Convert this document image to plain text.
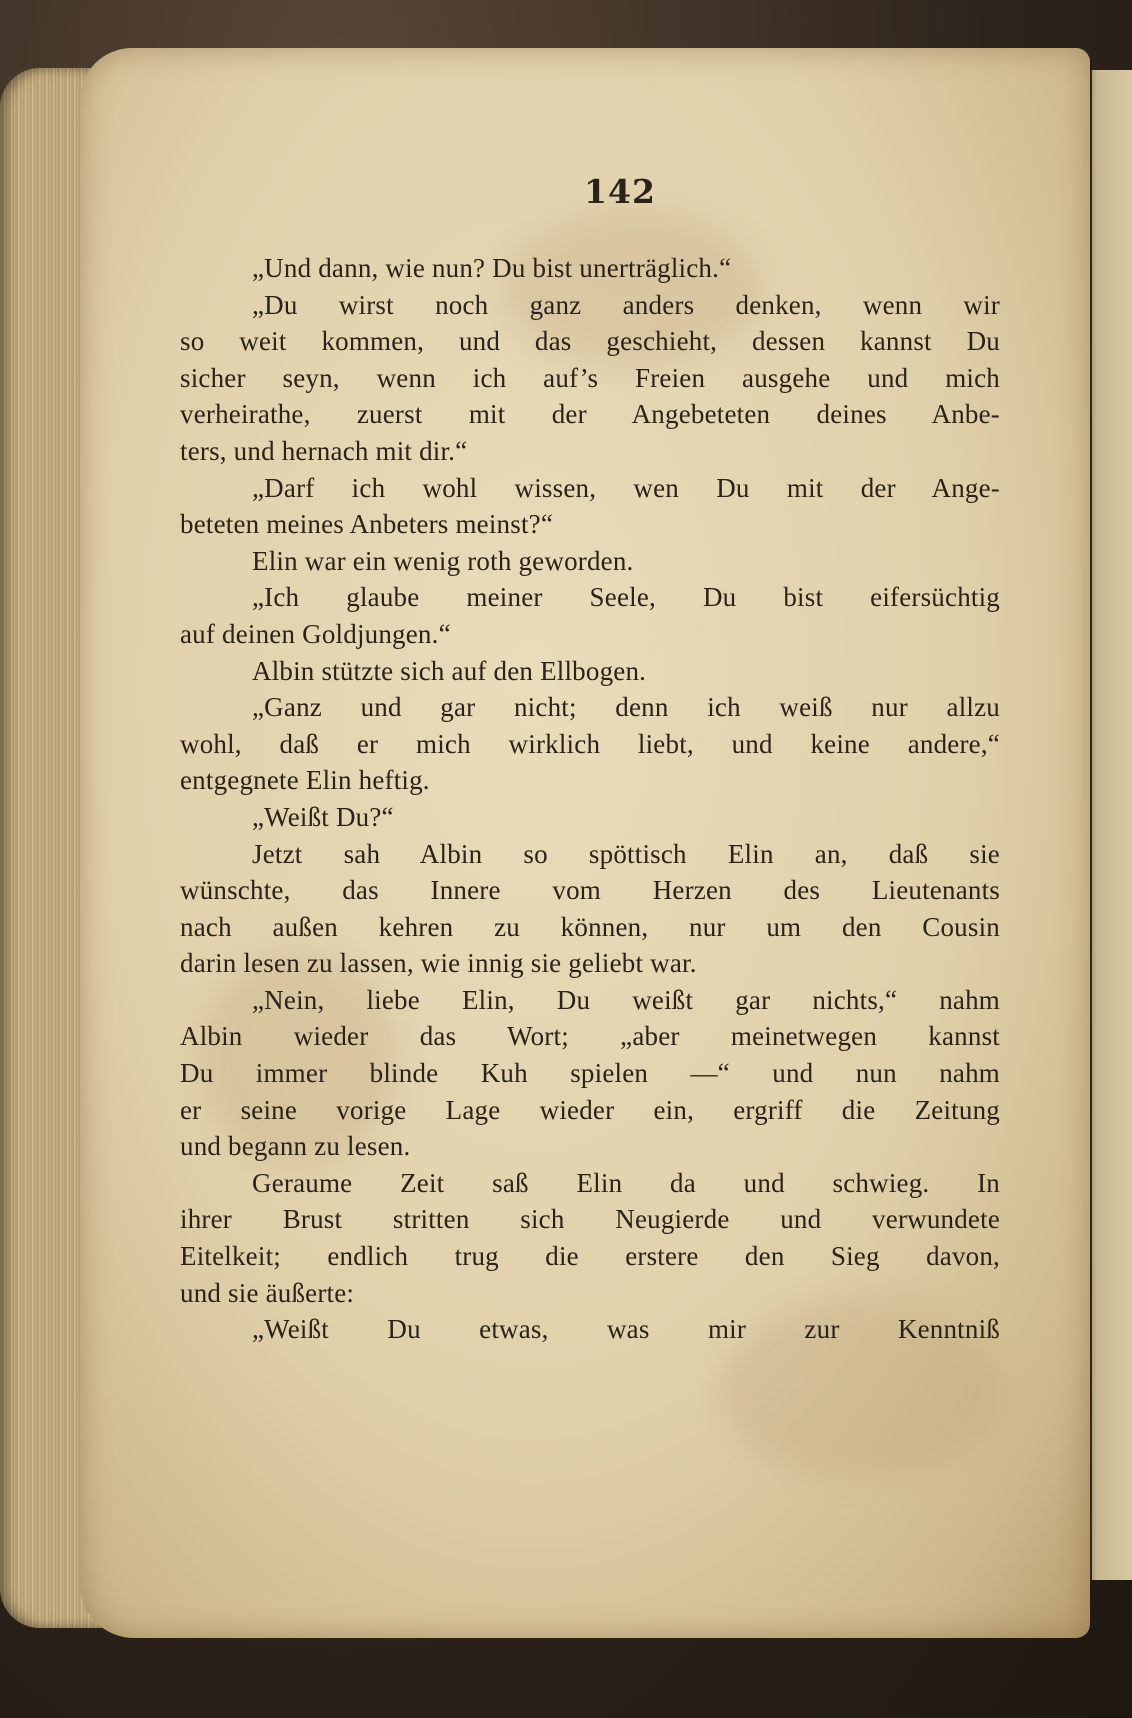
142
„Und dann, wie nun? Du bist unerträglich.“
„Du wirst noch ganz anders denken, wenn wir
so weit kommen, und das geschieht, dessen kannst Du
sicher seyn, wenn ich auf’s Freien ausgehe und mich
verheirathe, zuerst mit der Angebeteten deines Anbe-
ters, und hernach mit dir.“
„Darf ich wohl wissen, wen Du mit der Ange-
beteten meines Anbeters meinst?“
Elin war ein wenig roth geworden.
„Ich glaube meiner Seele, Du bist eifersüchtig
auf deinen Goldjungen.“
Albin stützte sich auf den Ellbogen.
„Ganz und gar nicht; denn ich weiß nur allzu
wohl, daß er mich wirklich liebt, und keine andere,“
entgegnete Elin heftig.
„Weißt Du?“
Jetzt sah Albin so spöttisch Elin an, daß sie
wünschte, das Innere vom Herzen des Lieutenants
nach außen kehren zu können, nur um den Cousin
darin lesen zu lassen, wie innig sie geliebt war.
„Nein, liebe Elin, Du weißt gar nichts,“ nahm
Albin wieder das Wort; „aber meinetwegen kannst
Du immer blinde Kuh spielen —“ und nun nahm
er seine vorige Lage wieder ein, ergriff die Zeitung
und begann zu lesen.
Geraume Zeit saß Elin da und schwieg. In
ihrer Brust stritten sich Neugierde und verwundete
Eitelkeit; endlich trug die erstere den Sieg davon,
und sie äußerte:
„Weißt Du etwas, was mir zur Kenntniß
